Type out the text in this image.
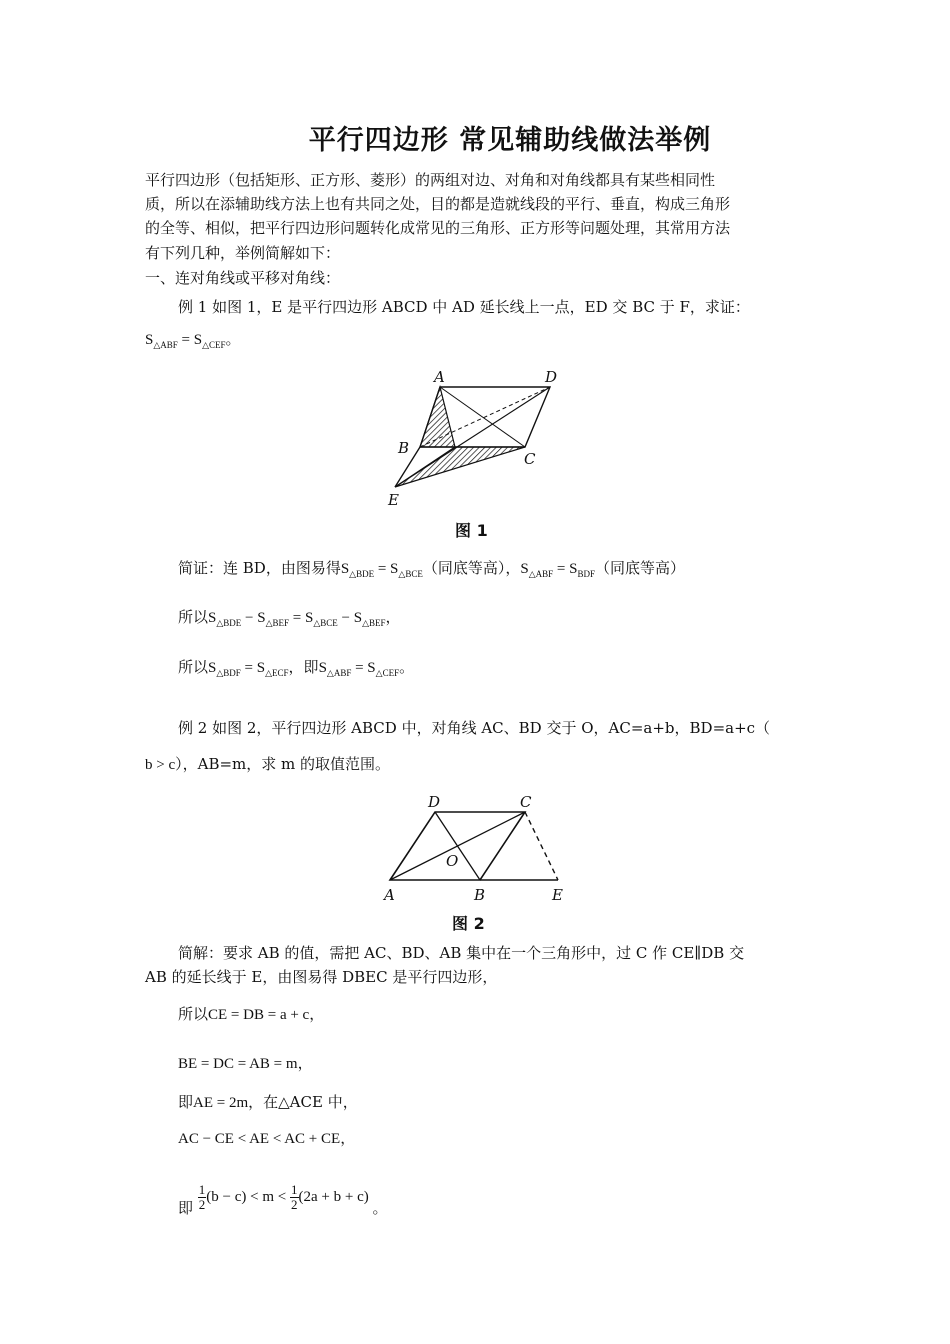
平行四边形 常见辅助线做法举例
平行四边形（包括矩形、正方形、菱形）的两组对边、对角和对角线都具有某些相同性
质，所以在添辅助线方法上也有共同之处，目的都是造就线段的平行、垂直，构成三角形
的全等、相似，把平行四边形问题转化成常见的三角形、正方形等问题处理，其常用方法
有下列几种，举例简解如下：
一、连对角线或平移对角线：
例 1 如图 1，E 是平行四边形 ABCD 中 AD 延长线上一点，ED 交 BC 于 F，求证：
$S_{\triangle ABF} = S_{\triangle CEF}$。
A	D
B
C
E
图 1
简证：连 BD，由图易得$S_{\triangle BDE} = S_{\triangle BCE}$（同底等高），$S_{\triangle ABF} = S_{BDF}$（同底等高）
所以$S_{\triangle BDE} - S_{\triangle BEF} = S_{\triangle BCE} - S_{\triangle BEF}$，
所以$S_{\triangle BDF} = S_{\triangle ECF}$，即$S_{\triangle ABF} = S_{\triangle CEF}$。
例 2 如图 2，平行四边形 ABCD 中，对角线 AC、BD 交于 O，AC=a+b，BD=a+c（
b > c），AB=m，求 m 的取值范围。
D	C
O
A	B	E
图 2
简解：要求 AB 的值，需把 AC、BD、AB 集中在一个三角形中，过 C 作 CE∥DB 交
AB 的延长线于 E，由图易得 DBEC 是平行四边形，
所以CE = DB = a + c，
BE = DC = AB = m，
即AE = 2m，在△ACE 中，
AC − CE < AE < AC + CE，
即 $\frac{1}{2} (b - c) < m < \frac{1}{2} (2a + b + c)$ 。
